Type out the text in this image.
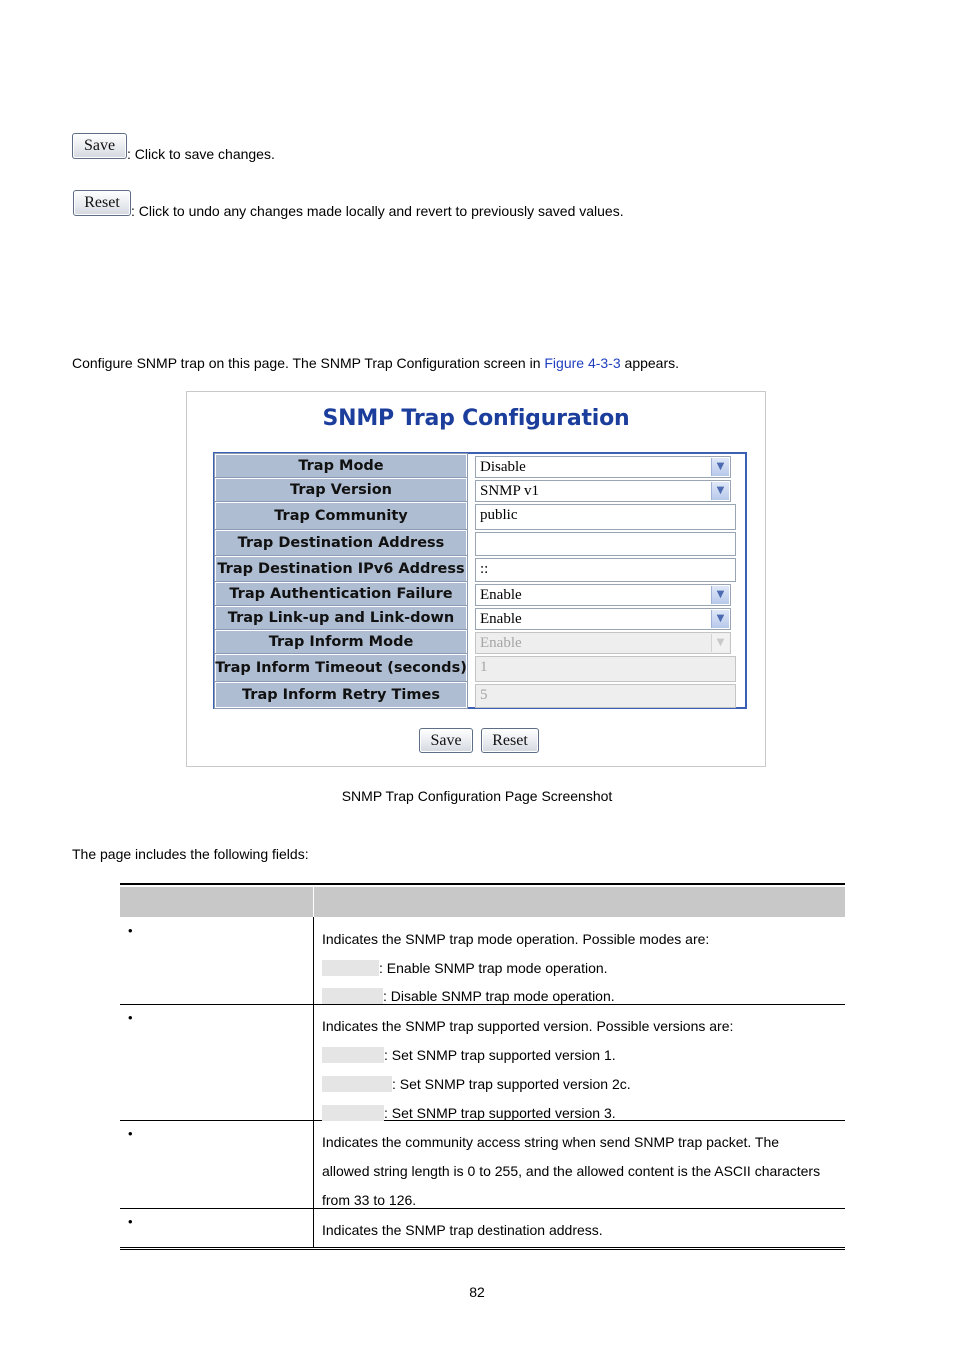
Save : Click to save changes.
Reset : Click to undo any changes made locally and revert to previously saved values.
Configure SNMP trap on this page. The SNMP Trap Configuration screen in Figure 4-3-3 appears.
SNMP Trap Configuration
Trap Mode	Disable	▼
Trap Version	SNMP v1	▼
Trap Community	public
Trap Destination Address
Trap Destination IPv6 Address	::
Trap Authentication Failure	Enable	▼
Trap Link-up and Link-down	Enable	▼
Trap Inform Mode	Enable	▼
Trap Inform Timeout (seconds) 1
Trap Inform Retry Times	5
Save	Reset
SNMP Trap Configuration Page Screenshot
The page includes the following fields:
•
Indicates the SNMP trap mode operation. Possible modes are:
: Enable SNMP trap mode operation.
: Disable SNMP trap mode operation.
•
Indicates the SNMP trap supported version. Possible versions are:
: Set SNMP trap supported version 1.
: Set SNMP trap supported version 2c.
: Set SNMP trap supported version 3.
•
Indicates the community access string when send SNMP trap packet. The
allowed string length is 0 to 255, and the allowed content is the ASCII characters
from 33 to 126.
•
Indicates the SNMP trap destination address.
82
